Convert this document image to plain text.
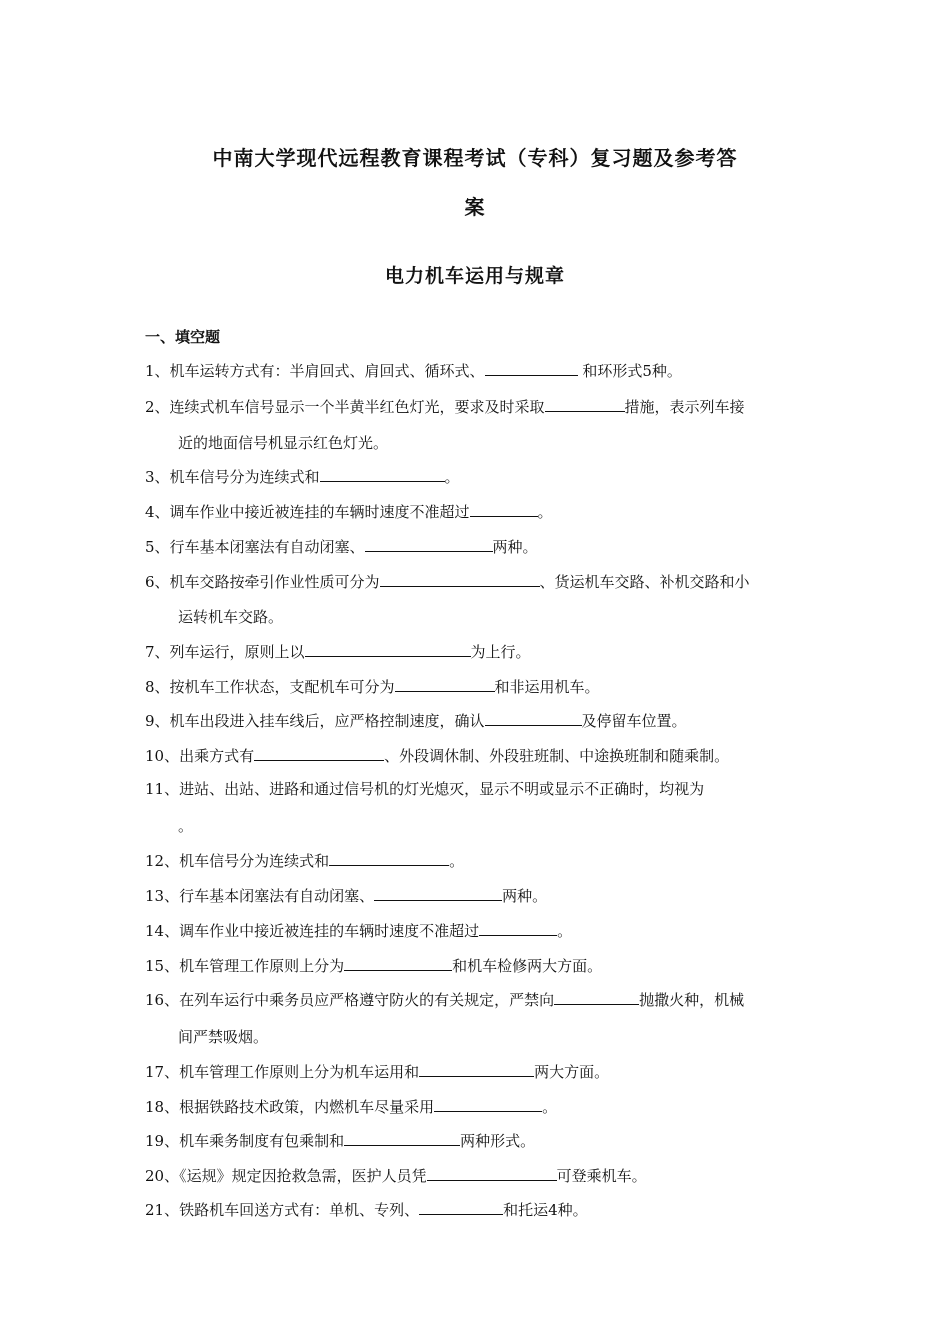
中南大学现代远程教育课程考试（专科）复习题及参考答
案
电力机车运用与规章
一、填空题
1、机车运转方式有：半肩回式、肩回式、循环式、	和环形式5种。
2、连续式机车信号显示一个半黄半红色灯光，要求及时采取	措施，表示列车接
近的地面信号机显示红色灯光。
3、机车信号分为连续式和	。
4、调车作业中接近被连挂的车辆时速度不准超过	。
5、行车基本闭塞法有自动闭塞、	两种。
6、机车交路按牵引作业性质可分为	、货运机车交路、补机交路和小
运转机车交路。
7、列车运行，原则上以	为上行。
8、按机车工作状态，支配机车可分为	和非运用机车。
9、机车出段进入挂车线后，应严格控制速度，确认	及停留车位置。
10、出乘方式有	、外段调休制、外段驻班制、中途换班制和随乘制。
11、进站、出站、进路和通过信号机的灯光熄灭，显示不明或显示不正确时，均视为
。
12、机车信号分为连续式和	。
13、行车基本闭塞法有自动闭塞、	两种。
14、调车作业中接近被连挂的车辆时速度不准超过	。
15、机车管理工作原则上分为	和机车检修两大方面。
16、在列车运行中乘务员应严格遵守防火的有关规定，严禁向	抛撒火种，机械
间严禁吸烟。
17、机车管理工作原则上分为机车运用和	两大方面。
18、根据铁路技术政策，内燃机车尽量采用	。
19、机车乘务制度有包乘制和	两种形式。
20、《运规》规定因抢救急需，医护人员凭	可登乘机车。
21、铁路机车回送方式有：单机、专列、	和托运4种。
